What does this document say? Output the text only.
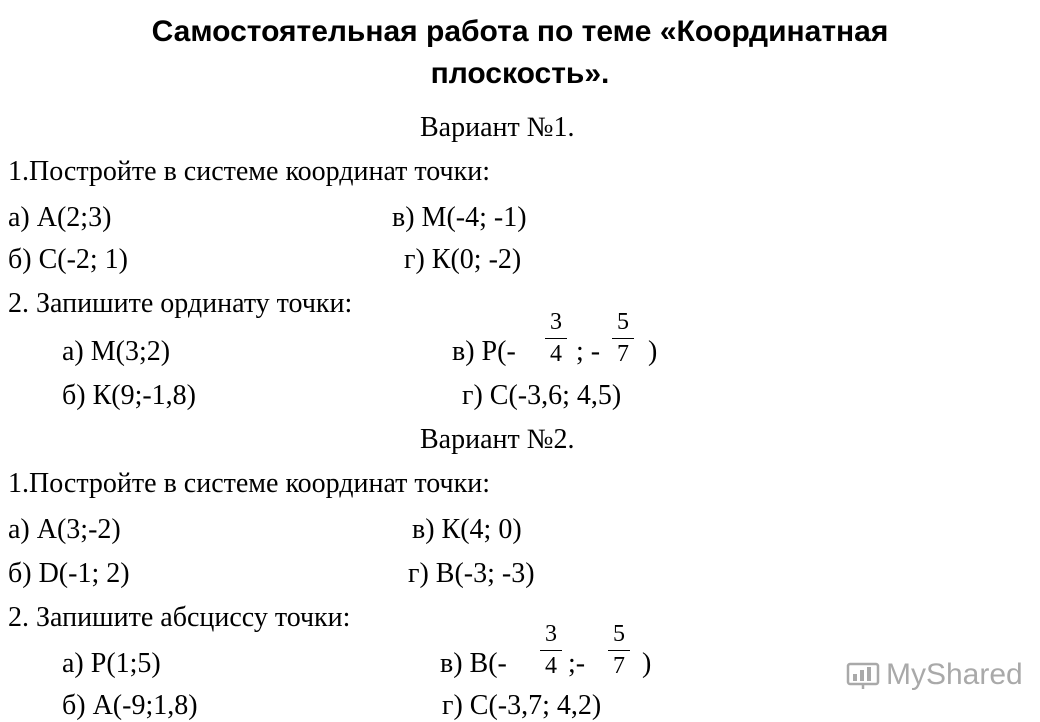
Самостоятельная работа по теме «Координатная
плоскость».
Вариант №1.
1.Постройте в системе координат точки:
а) А(2;3)	в) М(-4; -1)
б) С(-2; 1)	г) К(0; -2)
2. Запишите ординату точки:
а) М(3;2)	в) Р(-
3
4 ; -
5
7 )
б) К(9;-1,8)	г) С(-3,6; 4,5)
Вариант №2.
1.Постройте в системе координат точки:
а) А(3;-2)	в) К(4; 0)
б) D(-1; 2)	г) В(-3; -3)
2. Запишите абсциссу точки:
а) Р(1;5)	в) В(-
3
4 ;-
5
7 )
б) А(-9;1,8)	г) С(-3,7; 4,2)
MyShared
